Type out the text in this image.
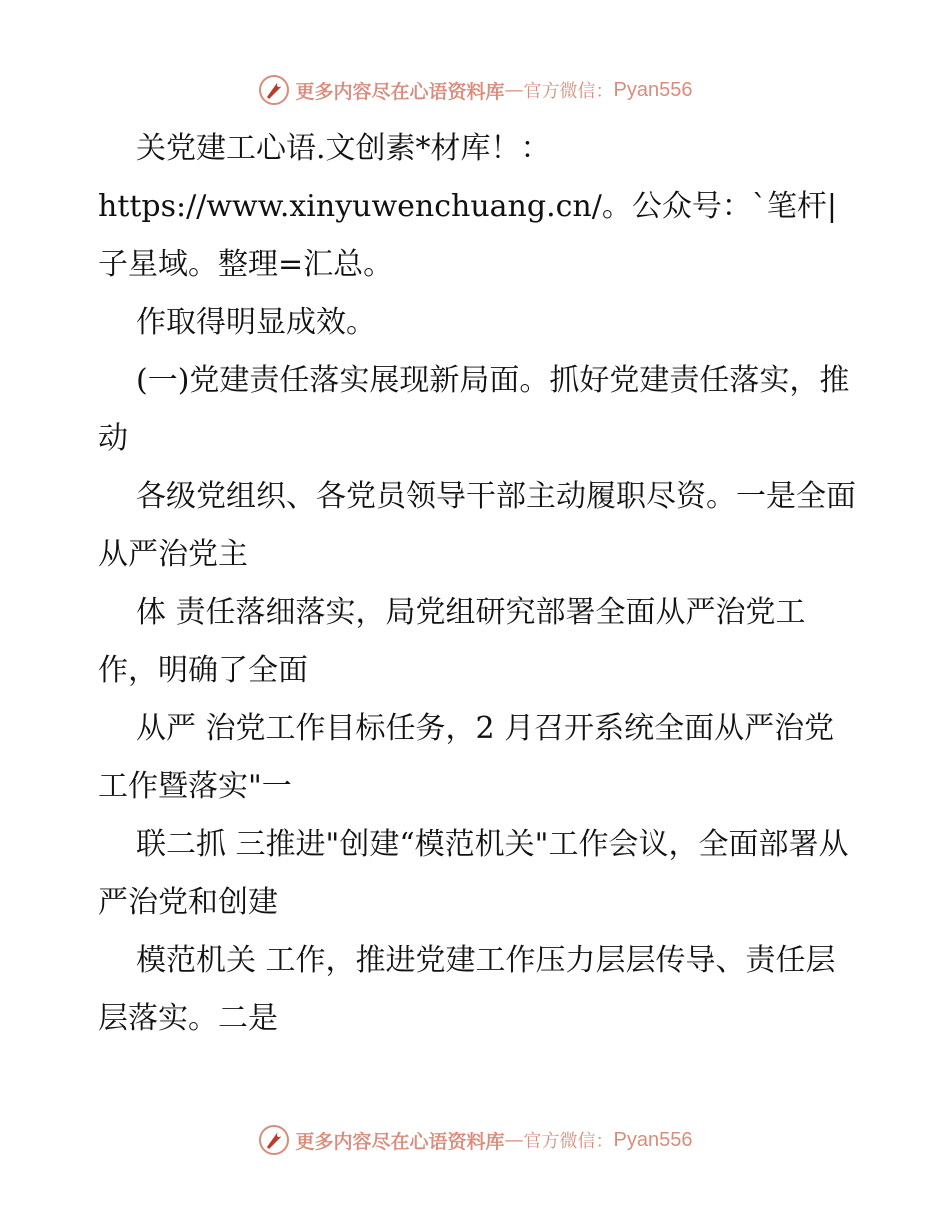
更多内容尽在心语资料库 — 官方微信： Pyan556

关党建工心语.文创素*材库！：https://www.xinyuwenchuang.cn/。公众号：`笔杆|子星域。整理=汇总。

作取得明显成效。

(一)党建责任落实展现新局面。抓好党建责任落实，推动

各级党组织、各党员领导干部主动履职尽资。一是全面从严治党主

体 责任落细落实，局党组研究部署全面从严治党工作，明确了全面

从严 治党工作目标任务，2 月召开系统全面从严治党工作暨落实"一

联二抓 三推进"创建“模范机关"工作会议，全面部署从严治党和创建

模范机关 工作，推进党建工作压力层层传导、责任层层落实。二是

更多内容尽在心语资料库 — 官方微信： Pyan556
